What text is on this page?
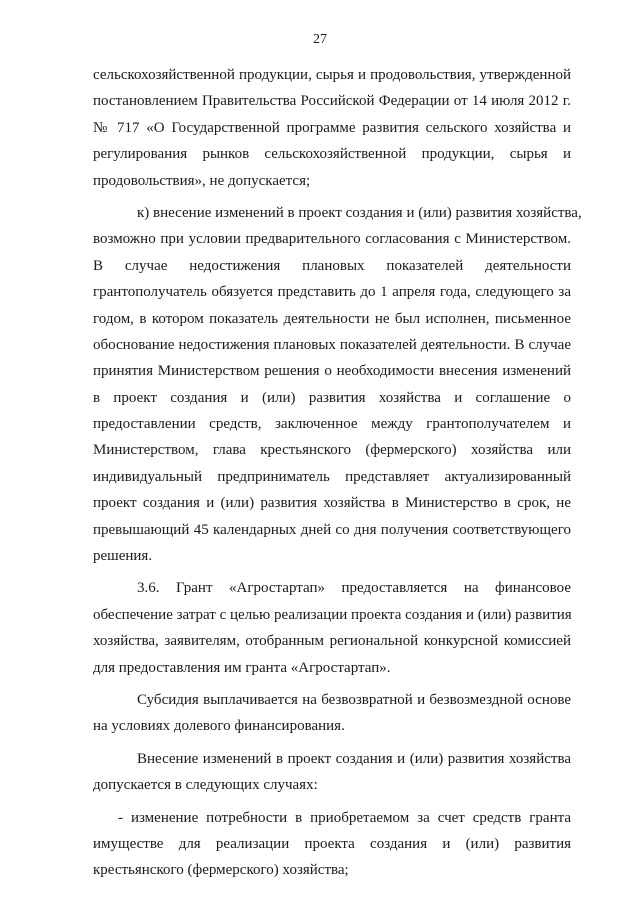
27
сельскохозяйственной продукции, сырья и продовольствия, утвержденной
постановлением Правительства Российской Федерации от 14 июля 2012 г.
№ 717 «О Государственной программе развития сельского хозяйства и
регулирования рынков сельскохозяйственной продукции, сырья и
продовольствия», не допускается;
к) внесение изменений в проект создания и (или) развития хозяйства,
возможно при условии предварительного согласования с Министерством.
В случае недостижения плановых показателей деятельности
грантополучатель обязуется представить до 1 апреля года, следующего за
годом, в котором показатель деятельности не был исполнен, письменное
обоснование недостижения плановых показателей деятельности. В случае
принятия Министерством решения о необходимости внесения изменений
в проект создания и (или) развития хозяйства и соглашение о
предоставлении средств, заключенное между грантополучателем и
Министерством, глава крестьянского (фермерского) хозяйства или
индивидуальный предприниматель представляет актуализированный
проект создания и (или) развития хозяйства в Министерство в срок, не
превышающий 45 календарных дней со дня получения соответствующего
решения.
3.6. Грант «Агростартап» предоставляется на финансовое
обеспечение затрат с целью реализации проекта создания и (или) развития
хозяйства, заявителям, отобранным региональной конкурсной комиссией
для предоставления им гранта «Агростартап».
Субсидия выплачивается на безвозвратной и безвозмездной основе
на условиях долевого финансирования.
Внесение изменений в проект создания и (или) развития хозяйства
допускается в следующих случаях:
- изменение потребности в приобретаемом за счет средств гранта
имуществе для реализации проекта создания и (или) развития
крестьянского (фермерского) хозяйства;
